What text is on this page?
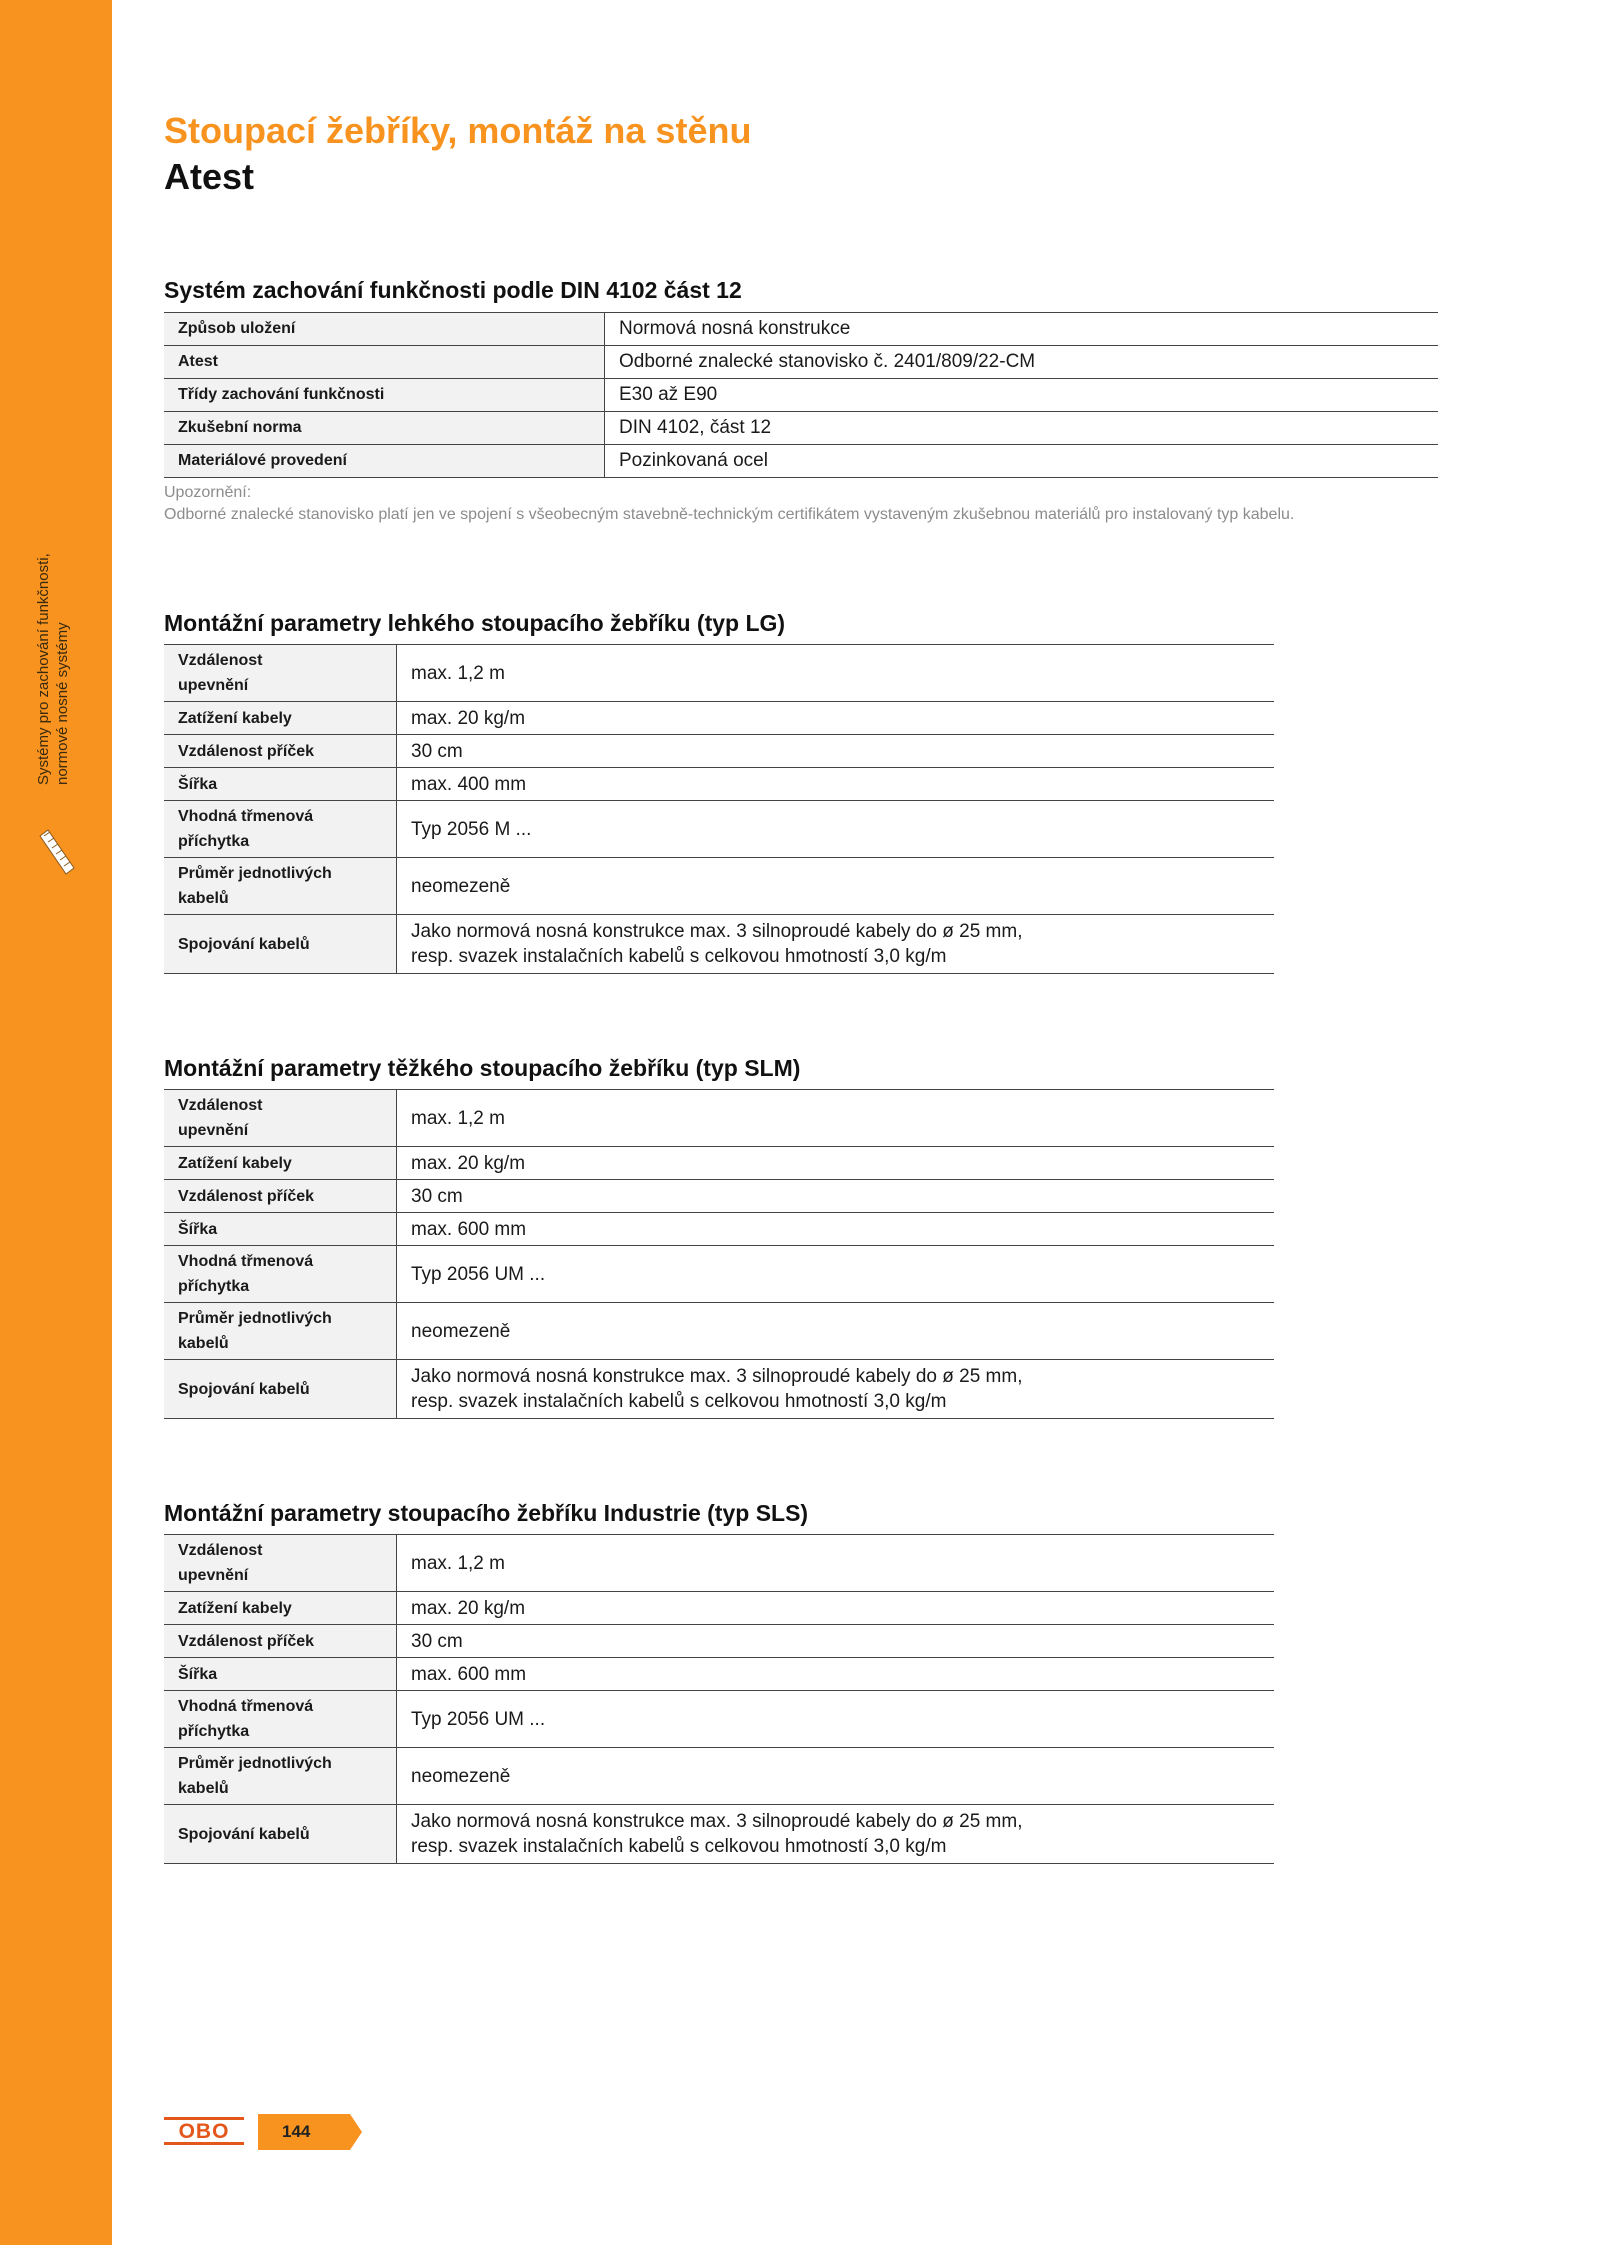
Systémy pro zachování funkčnosti, normové nosné systémy
Stoupací žebříky, montáž na stěnu
Atest
Systém zachování funkčnosti podle DIN 4102 část 12
Způsob uložení	Normová nosná konstrukce
Atest	Odborné znalecké stanovisko č. 2401/809/22-CM
Třídy zachování funkčnosti	E30 až E90
Zkušební norma	DIN 4102, část 12
Materiálové provedení	Pozinkovaná ocel
Upozornění:
Odborné znalecké stanovisko platí jen ve spojení s všeobecným stavebně-technickým certifikátem vystaveným zkušebnou materiálů pro instalovaný typ kabelu.
Montážní parametry lehkého stoupacího žebříku (typ LG)
Vzdálenost
upevnění	max. 1,2 m
Zatížení kabely	max. 20 kg/m
Vzdálenost příček	30 cm
Šířka	max. 400 mm

Vhodná třmenová
příchytka	Typ 2056 M ...

Průměr jednotlivých
kabelů	neomezeně
Spojování kabelů	Jako normová nosná konstrukce max. 3 silnoproudé kabely do ø 25 mm,
resp. svazek instalačních kabelů s celkovou hmotností 3,0 kg/m
Montážní parametry těžkého stoupacího žebříku (typ SLM)
Vzdálenost
upevnění	max. 1,2 m
Zatížení kabely	max. 20 kg/m
Vzdálenost příček	30 cm
Šířka	max. 600 mm

Vhodná třmenová
příchytka	Typ 2056 UM ...

Průměr jednotlivých
kabelů	neomezeně
Spojování kabelů	Jako normová nosná konstrukce max. 3 silnoproudé kabely do ø 25 mm,
resp. svazek instalačních kabelů s celkovou hmotností 3,0 kg/m
Montážní parametry stoupacího žebříku Industrie (typ SLS)
Vzdálenost
upevnění	max. 1,2 m
Zatížení kabely	max. 20 kg/m
Vzdálenost příček	30 cm
Šířka	max. 600 mm

Vhodná třmenová
příchytka	Typ 2056 UM ...

Průměr jednotlivých
kabelů	neomezeně
Spojování kabelů	Jako normová nosná konstrukce max. 3 silnoproudé kabely do ø 25 mm,
resp. svazek instalačních kabelů s celkovou hmotností 3,0 kg/m
OBO	144
